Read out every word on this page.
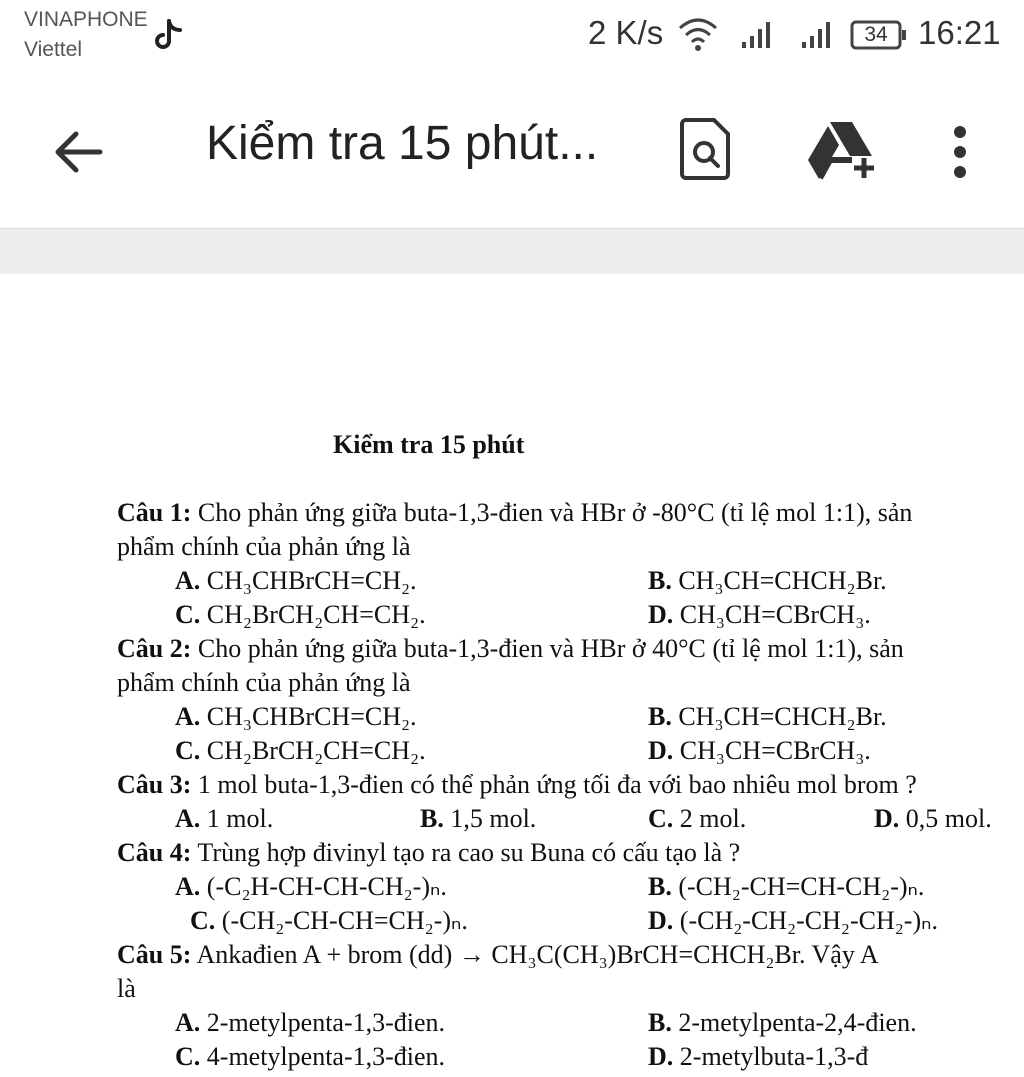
VINAPHONE
Viettel	2 K/s	34 16:21
Kiểm tra 15 phút...
Kiểm tra 15 phút
Câu 1: Cho phản ứng giữa buta-1,3-đien và HBr ở -80°C (tỉ lệ mol 1:1), sản
phẩm chính của phản ứng là
A. CH₃CHBrCH=CH₂.	B. CH₃CH=CHCH₂Br.
C. CH₂BrCH₂CH=CH₂.	D. CH₃CH=CBrCH₃.
Câu 2: Cho phản ứng giữa buta-1,3-đien và HBr ở 40°C (tỉ lệ mol 1:1), sản
phẩm chính của phản ứng là
A. CH₃CHBrCH=CH₂.	B. CH₃CH=CHCH₂Br.
C. CH₂BrCH₂CH=CH₂.	D. CH₃CH=CBrCH₃.
Câu 3: 1 mol buta-1,3-đien có thể phản ứng tối đa với bao nhiêu mol brom ?
A. 1 mol.	B. 1,5 mol.	C. 2 mol.	D. 0,5 mol.
Câu 4: Trùng hợp đivinyl tạo ra cao su Buna có cấu tạo là ?
A. (-C₂H-CH-CH-CH₂-)ₙ.	B. (-CH₂-CH=CH-CH₂-)ₙ.
C. (-CH₂-CH-CH=CH₂-)ₙ.	D. (-CH₂-CH₂-CH₂-CH₂-)ₙ.
Câu 5: Ankađien A + brom (dd) → CH₃C(CH₃)BrCH=CHCH₂Br. Vậy A
là
A. 2-metylpenta-1,3-đien.	B. 2-metylpenta-2,4-đien.
C. 4-metylpenta-1,3-đien.	D. 2-metylbuta-1,3-đ
